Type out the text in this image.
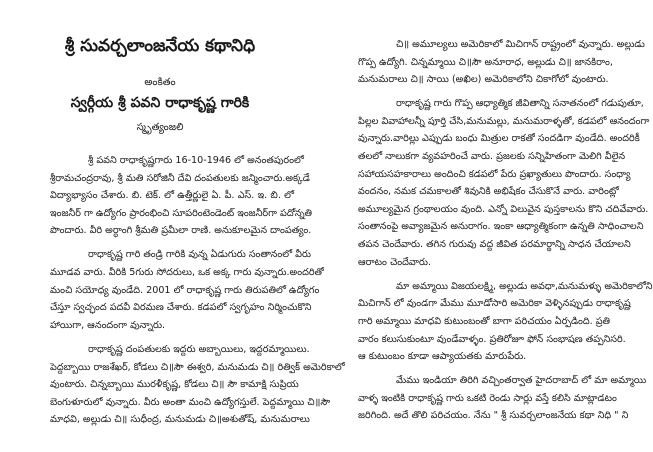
శ్రీ సువర్చలాంజనేయ కథానిధి
అంకితం
స్వర్గీయ శ్రీ పవని రాధాకృష్ణ గారికి
స్మృత్యంజలి
శ్రీ పవని రాధాకృష్ణగారు 16-10-1946 లో అనంతపురంలో
శ్రీరామచంద్రరావు, శ్రీ మతి సరోజినీ దేవి దంపతులకు జన్మించారు.అక్కడే
విద్యాభ్యాసం చేశారు. బి. టెక్. లో ఉత్తీర్ణులై ఏ. పీ. ఎస్. ఇ. బి. లో
ఇంజనీర్ గా ఉద్యోగం ప్రారంభించి సూపరింటెండెంట్ ఇంజనీర్‌గా పదోన్నతి
పొందారు. వీరి అర్ధాంగి శ్రీమతి ప్రమీలా రాణి. అనుకూలమైన దాంపత్యం.
రాధాకృష్ణ గారి తండ్రి గారికి వున్న ఏడుగురు సంతానంలో వీరు
మూడవ వారు. వీరికి 5గురు సోదరులు, ఒక అక్క గారు వున్నారు.అందరితో
మంచి సయోధ్య వుండేది. 2001 లో రాధాకృష్ణ గారు తిరుపతిలో ఉద్యోగం
చేస్తూ స్వచ్ఛంద పదవీ విరమణ చేశారు. కడపలో స్వగృహం నిర్మించుకొని
హాయిగా, ఆనందంగా వున్నారు.
రాధాకృష్ణ దంపతులకు ఇద్దరు అబ్బాయిలు, ఇద్దరమ్మాయిలు.
పెద్దబ్బాయి రాజశేఖర్, కోడలు చి॥సౌ ఈశ్వరి, మనుమడు చి॥ రిత్విక్ అమెరికాలో
వుంటారు. చిన్నబ్బాయి మురళీకృష్ణ, కోడలు చి॥ సౌ కామాక్షి సుప్రియ
బెంగుళూరులో వున్నారు. వీరు అంతా మంచి ఉద్యోగస్తులే. పెద్దమ్మాయి చి॥సౌ
మాధవి, అల్లుడు చి॥ సుధీంద్ర, మనుమడు చి॥అశుతోష్, మనుమరాలు
చి॥ అమూల్యలు అమెరికాలో మిచిగాన్ రాష్ట్రంలో వున్నారు. అల్లుడు
గొప్ప ఉద్యోగి. చిన్నమ్మాయి చి॥సౌ అనూరాధ, అల్లుడు చి॥ జానకిరాం,
మనుమరాలు చి॥ సాయి (అఖిల) అమెరికాలోని చికాగోలో వుంటారు.
రాధాకృష్ణ గారు గొప్ప ఆధ్యాత్మిక జీవితాన్ని సనాతనంలో గడుపుతూ,
పిల్లల వివాహాలన్నీ పూర్తి చేసి,మనుమల్లు, మనుమరాళ్ళతో, కడపలో ఆనందంగా
వున్నారు.వారిల్లు ఎప్పుడు బంధు మిత్రుల రాకతో సందడిగా వుండేది. అందరికీ
తలలో నాలుకగా వ్యవహరించే వారు. ప్రజలకు సన్నిహితంగా మెలిగి వీలైన
సహాయసహకారాలు అందించి కడపలో పేరు ప్రఖ్యాతులు పొందారు. సంధ్యా
వందనం, నమక చమకాలతో శివునికి అభిషేకం చేసుకొనే వారు. వారింట్లో
అమూల్యమైన గ్రంథాలయం వుంది. ఎన్నో విలువైన పుస్తకాలను కొని చదివేవారు.
సంతానంపై అవ్యాజమైన అనురాగం. ఇంకా ఆధ్యాత్మికంగా ఉన్నతి సాధించాలని
తపన చెందేవారు. తగిన గురువు వద్ద జీవిత పరమార్థాన్ని సాధన చేయాలని
ఆరాటం చెందేవారు.
మా అమ్మాయి విజయలక్ష్మి, అల్లుడు అవధా,మనుమళ్ళు అమెరికాలోని
మిచిగాన్ లో వుండగా మేము మూడోసారి అమెరికా వెళ్ళినప్పుడు రాధాకృష్ణ
గారి అమ్మాయి మాధవి కుటుంబంతో బాగా పరిచయం ఏర్పడింది. ప్రతి
వారం కలుసుకుంటూ వుండేవాళ్ళం. ప్రతిరోజూ ఫోన్ సంభాషణ తప్పనిసరి.
ఆ కుటుంబం కూడా ఆప్యాయతకు మారుపేరు.
మేము ఇండియా తిరిగి వచ్చింతర్వాత హైదరాబాద్ లో మా అమ్మాయి
వాళ్ళ ఇంటికి రాధాకృష్ణ గారు ఒకటి రెండు సార్లు వస్తే కలిసి మాట్లాడటం
జరిగింది. అదే తొలి పరిచయం. నేను " శ్రీ సువర్చలాంజనేయ కథా నిధి " ని
